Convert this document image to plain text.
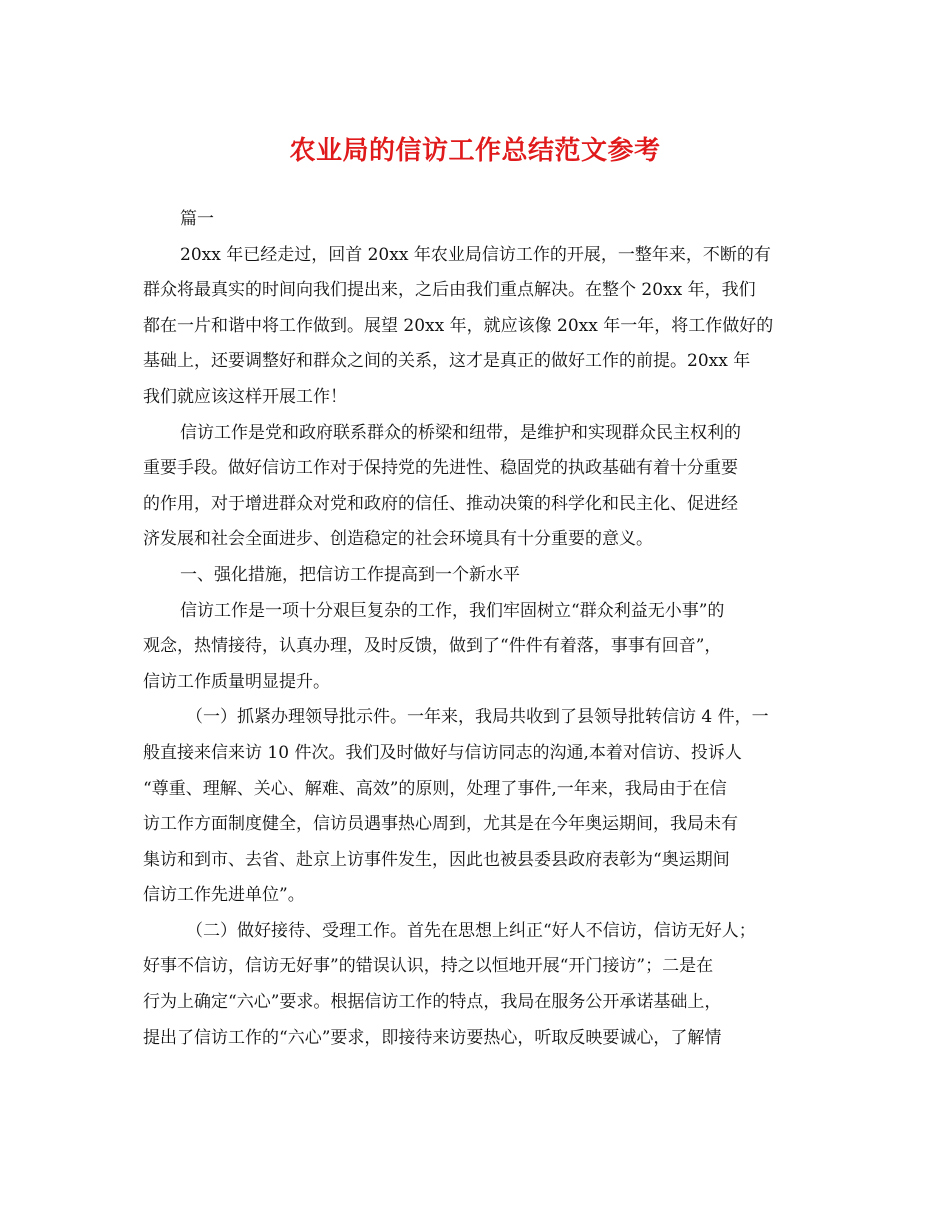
农业局的信访工作总结范文参考
篇一
20xx 年已经走过，回首 20xx 年农业局信访工作的开展，一整年来，不断的有
群众将最真实的时间向我们提出来，之后由我们重点解决。在整个 20xx 年，我们
都在一片和谐中将工作做到。展望 20xx 年，就应该像 20xx 年一年，将工作做好的
基础上，还要调整好和群众之间的关系，这才是真正的做好工作的前提。20xx 年
我们就应该这样开展工作！
信访工作是党和政府联系群众的桥梁和纽带，是维护和实现群众民主权利的
重要手段。做好信访工作对于保持党的先进性、稳固党的执政基础有着十分重要
的作用，对于增进群众对党和政府的信任、推动决策的科学化和民主化、促进经
济发展和社会全面进步、创造稳定的社会环境具有十分重要的意义。
一、强化措施，把信访工作提高到一个新水平
信访工作是一项十分艰巨复杂的工作，我们牢固树立“群众利益无小事”的
观念，热情接待，认真办理，及时反馈，做到了“件件有着落，事事有回音”，
信访工作质量明显提升。
（一）抓紧办理领导批示件。一年来，我局共收到了县领导批转信访 4 件，一
般直接来信来访 10 件次。我们及时做好与信访同志的沟通,本着对信访、投诉人
“尊重、理解、关心、解难、高效”的原则，处理了事件,一年来，我局由于在信
访工作方面制度健全，信访员遇事热心周到，尤其是在今年奥运期间，我局未有
集访和到市、去省、赴京上访事件发生，因此也被县委县政府表彰为“奥运期间
信访工作先进单位”。
（二）做好接待、受理工作。首先在思想上纠正“好人不信访，信访无好人；
好事不信访，信访无好事”的错误认识，持之以恒地开展“开门接访”；二是在
行为上确定“六心”要求。根据信访工作的特点，我局在服务公开承诺基础上，
提出了信访工作的“六心”要求，即接待来访要热心，听取反映要诚心，了解情
